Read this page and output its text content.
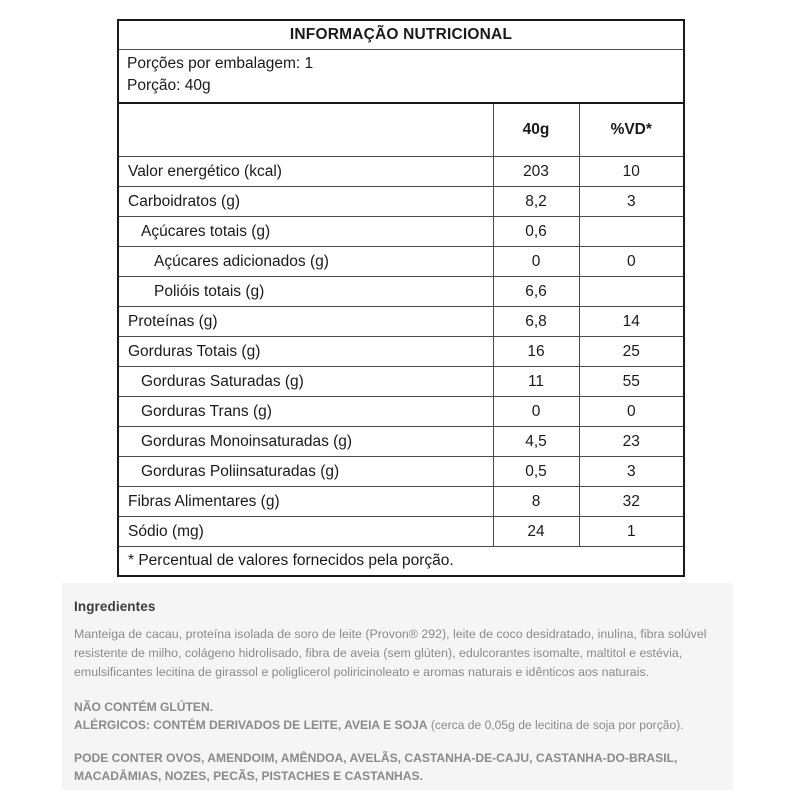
INFORMAÇÃO NUTRICIONAL		

Porções por embalagem: 1
Porção: 40g		

	40g	%VD*
Valor energético (kcal)	203	10
Carboidratos (g)	8,2	3
Açúcares totais (g)	0,6	
Açúcares adicionados (g)	0	0
Polióis totais (g)	6,6	
Proteínas (g)	6,8	14
Gorduras Totais (g)	16	25
Gorduras Saturadas (g)	11	55
Gorduras Trans (g)	0	0
Gorduras Monoinsaturadas (g)	4,5	23
Gorduras Poliinsaturadas (g)	0,5	3
Fibras Alimentares (g)	8	32
Sódio (mg)	24	1
* Percentual de valores fornecidos pela porção.		
Ingredientes
Manteiga de cacau, proteína isolada de soro de leite (Provon® 292), leite de coco desidratado, inulina, fibra solúvel resistente de milho, colágeno hidrolisado, fibra de aveia (sem glúten), edulcorantes isomalte, maltitol e estévia, emulsificantes lecitina de girassol e poliglicerol poliricinoleato e aromas naturais e idênticos aos naturais.
NÃO CONTÉM GLÚTEN.
ALÉRGICOS: CONTÉM DERIVADOS DE LEITE, AVEIA E SOJA (cerca de 0,05g de lecitina de soja por porção).
PODE CONTER OVOS, AMENDOIM, AMÊNDOA, AVELÃS, CASTANHA-DE-CAJU, CASTANHA-DO-BRASIL, MACADÂMIAS, NOZES, PECÃS, PISTACHES E CASTANHAS.
